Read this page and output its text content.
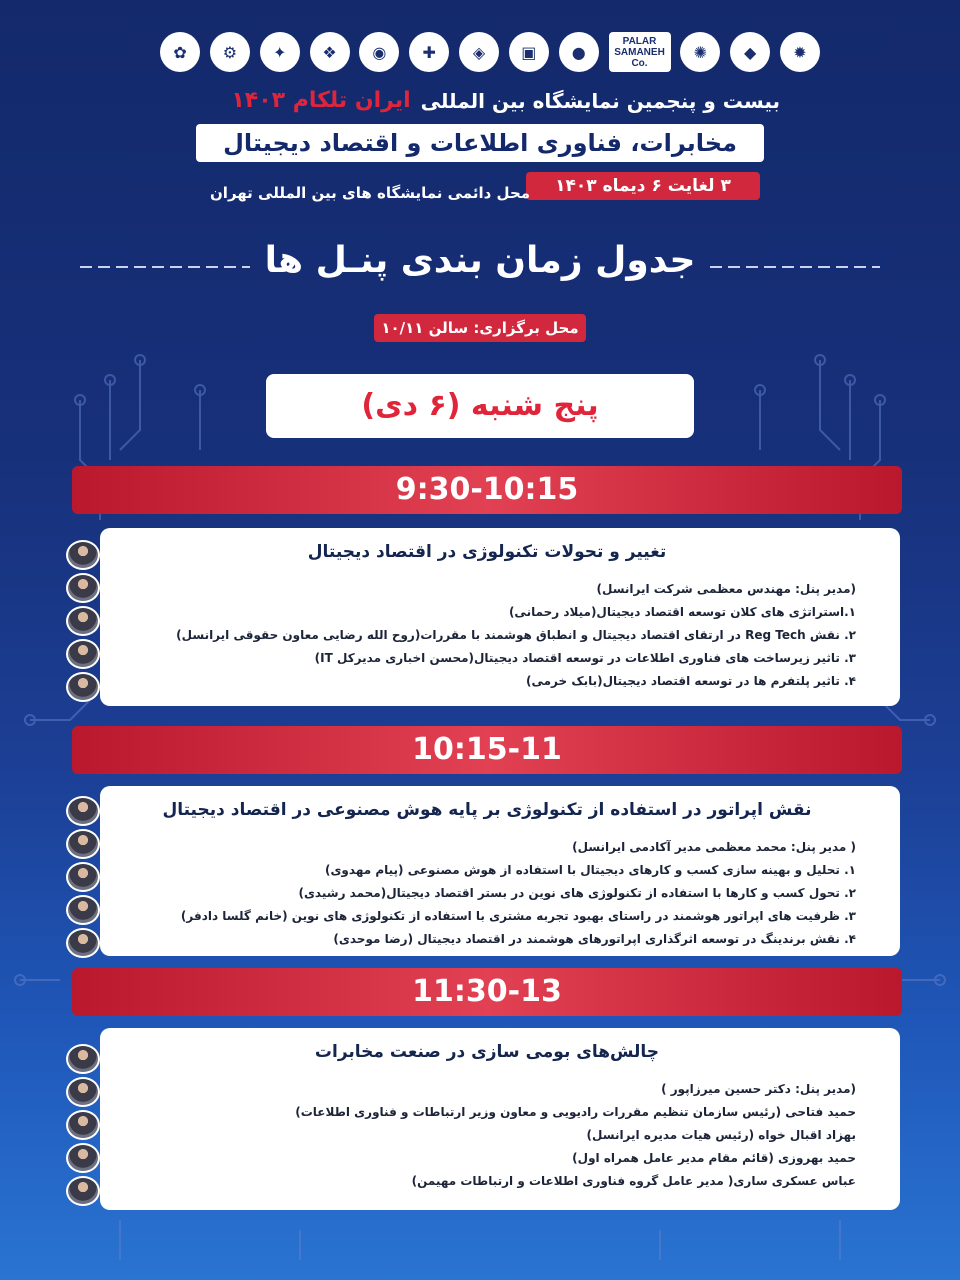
✿	⚙	✦	❖	◉	✚	◈	▣	●
PALAR SAMANEH Co.
✺	◆	✹
بیست و پنجمین نمایشگاه بین المللی
ایران تلکام ۱۴۰۳
مخابرات، فناوری اطلاعات و اقتصاد دیجیتال
۳ لغایت ۶ دیماه ۱۴۰۳
محل دائمی نمایشگاه های بین المللی تهران
جدول زمان بندی پنـل ها
محل برگزاری: سالن ۱۰/۱۱
پنج شنبه (۶ دی)
9:30-10:15
تغییر و تحولات تکنولوژی در اقتصاد دیجیتال
(مدیر پنل: مهندس معظمی شرکت ایرانسل)
۱.استراتژی های کلان توسعه اقتصاد دیجیتال(میلاد رحمانی)
۲. نقش Reg Tech در ارتقای اقتصاد دیجیتال و انطباق هوشمند با مقررات(روح الله رضایی معاون حقوقی ایرانسل)
۳. تاثیر زیرساخت های فناوری اطلاعات در توسعه اقتصاد دیجیتال(محسن اخباری مدیرکل IT)
۴. تاثیر پلتفرم ها در توسعه اقتصاد دیجیتال(بابک خرمی)
10:15-11
نقش اپراتور در استفاده از تکنولوژی بر پایه هوش مصنوعی در اقتصاد دیجیتال
( مدیر پنل: محمد معظمی مدیر آکادمی ایرانسل)
۱. تحلیل و بهینه سازی کسب و کارهای دیجیتال با استفاده از هوش مصنوعی (پیام مهدوی)
۲. تحول کسب و کارها با استفاده از تکنولوژی های نوین در بستر اقتصاد دیجیتال(محمد رشیدی)
۳. ظرفیت های اپراتور هوشمند در راستای بهبود تجربه مشتری با استفاده از تکنولوژی های نوین (خانم گلسا دادفر)
۴. نقش برندینگ در توسعه اثرگذاری اپراتورهای هوشمند در اقتصاد دیجیتال (رضا موحدی)
11:30-13
چالش‌های بومی سازی در صنعت مخابرات
(مدیر پنل: دکتر حسین میرزاپور )
حمید فتاحی (رئیس سازمان تنظیم مقررات رادیویی و معاون وزیر ارتباطات و فناوری اطلاعات)
بهزاد اقبال خواه (رئیس هیات مدیره ایرانسل)
حمید بهروزی (قائم مقام مدیر عامل همراه اول)
عباس عسکری ساری( مدیر عامل گروه فناوری اطلاعات و ارتباطات مهیمن)
